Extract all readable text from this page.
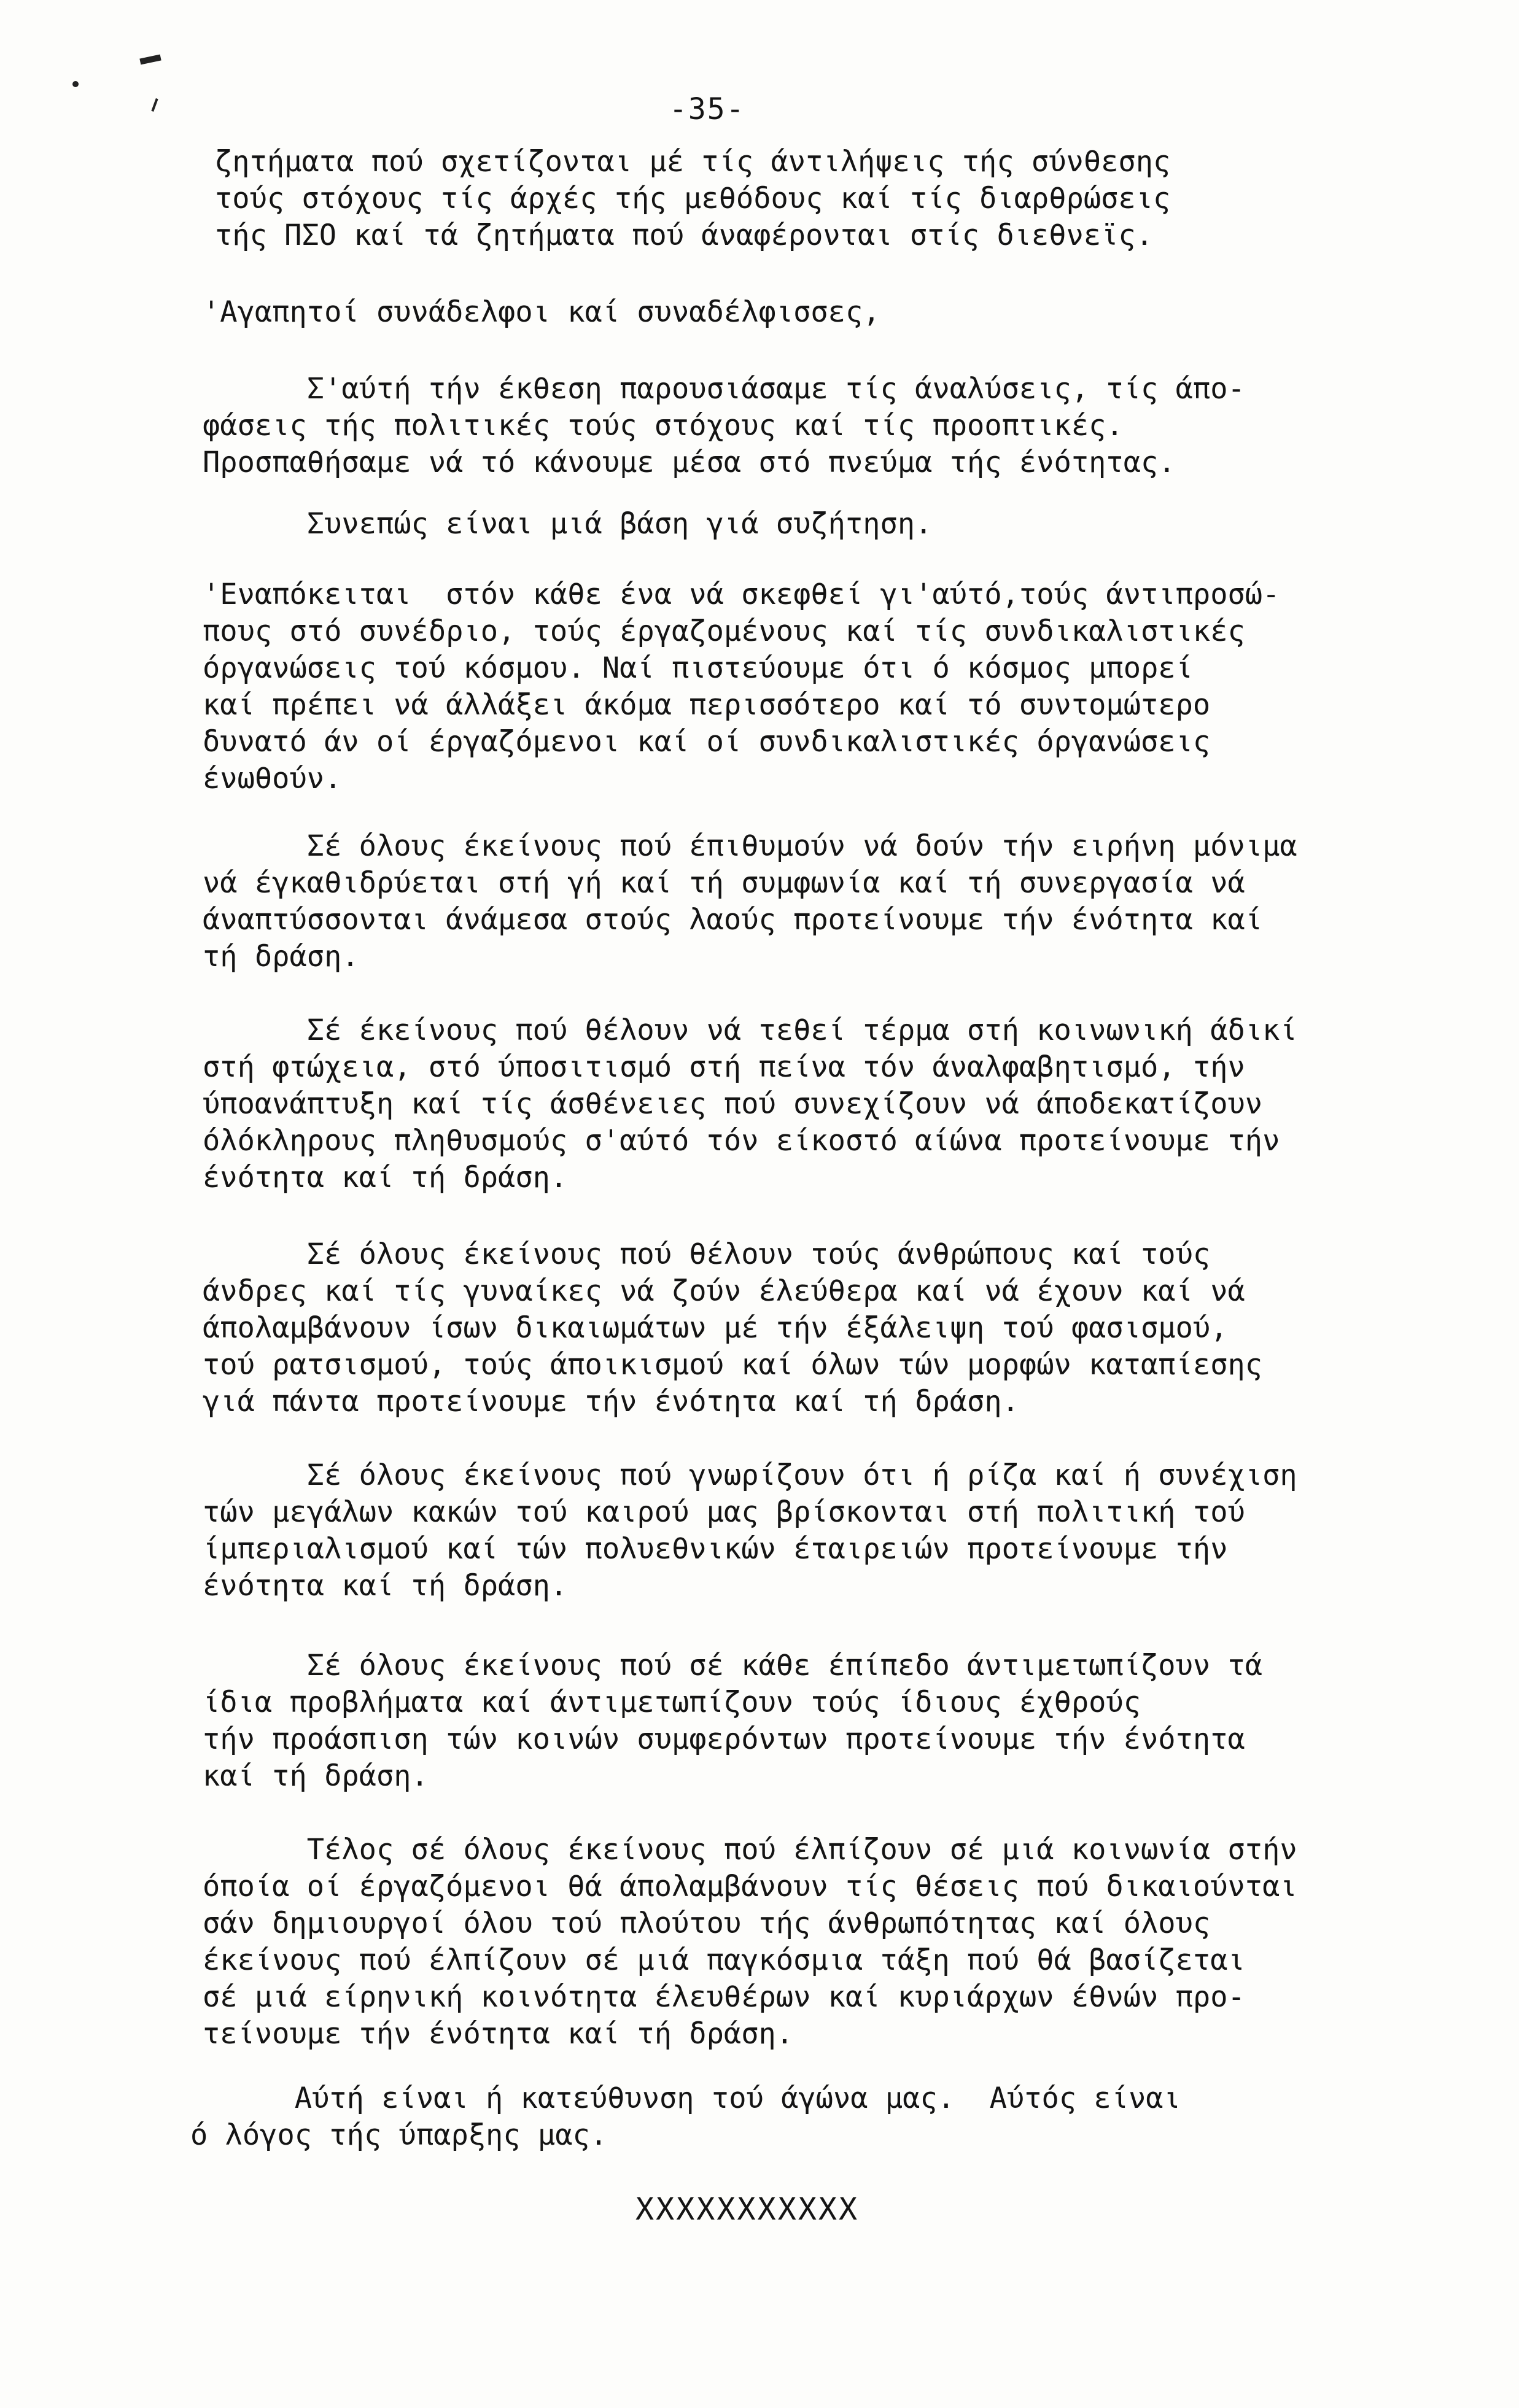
-35-
ζητήματα πού σχετίζονται μέ τίς άντιλήψεις τής σύνθεσης
τούς στόχους τίς άρχές τής μεθόδους καί τίς διαρθρώσεις
τής ΠΣΟ καί τά ζητήματα πού άναφέρονται στίς διεθνεϊς.
'Αγαπητοί συνάδελφοι καί συναδέλφισσες,
Σ'αύτή τήν έκθεση παρουσιάσαμε τίς άναλύσεις, τίς άπο-
φάσεις τής πολιτικές τούς στόχους καί τίς προοπτικές.
Προσπαθήσαμε νά τό κάνουμε μέσα στό πνεύμα τής ένότητας.
Συνεπώς είναι μιά βάση γιά συζήτηση.
'Εναπόκειται  στόν κάθε ένα νά σκεφθεί γι'αύτό,τούς άντιπροσώ-
πους στό συνέδριο, τούς έργαζομένους καί τίς συνδικαλιστικές
όργανώσεις τού κόσμου. Ναί πιστεύουμε ότι ό κόσμος μπορεί
καί πρέπει νά άλλάξει άκόμα περισσότερο καί τό συντομώτερο
δυνατό άν οί έργαζόμενοι καί οί συνδικαλιστικές όργανώσεις
ένωθούν.
Σέ όλους έκείνους πού έπιθυμούν νά δούν τήν ειρήνη μόνιμα
νά έγκαθιδρύεται στή γή καί τή συμφωνία καί τή συνεργασία νά
άναπτύσσονται άνάμεσα στούς λαούς προτείνουμε τήν ένότητα καί
τή δράση.
Σέ έκείνους πού θέλουν νά τεθεί τέρμα στή κοινωνική άδικί
στή φτώχεια, στό ύποσιτισμό στή πείνα τόν άναλφαβητισμό, τήν
ύποανάπτυξη καί τίς άσθένειες πού συνεχίζουν νά άποδεκατίζουν
όλόκληρους πληθυσμούς σ'αύτό τόν είκοστό αίώνα προτείνουμε τήν
ένότητα καί τή δράση.
Σέ όλους έκείνους πού θέλουν τούς άνθρώπους καί τούς
άνδρες καί τίς γυναίκες νά ζούν έλεύθερα καί νά έχουν καί νά
άπολαμβάνουν ίσων δικαιωμάτων μέ τήν έξάλειψη τού φασισμού,
τού ρατσισμού, τούς άποικισμού καί όλων τών μορφών καταπίεσης
γιά πάντα προτείνουμε τήν ένότητα καί τή δράση.
Σέ όλους έκείνους πού γνωρίζουν ότι ή ρίζα καί ή συνέχιση
τών μεγάλων κακών τού καιρού μας βρίσκονται στή πολιτική τού
ίμπεριαλισμού καί τών πολυεθνικών έταιρειών προτείνουμε τήν
ένότητα καί τή δράση.
Σέ όλους έκείνους πού σέ κάθε έπίπεδο άντιμετωπίζουν τά
ίδια προβλήματα καί άντιμετωπίζουν τούς ίδιους έχθρούς
τήν προάσπιση τών κοινών συμφερόντων προτείνουμε τήν ένότητα
καί τή δράση.
Τέλος σέ όλους έκείνους πού έλπίζουν σέ μιά κοινωνία στήν
όποία οί έργαζόμενοι θά άπολαμβάνουν τίς θέσεις πού δικαιούνται
σάν δημιουργοί όλου τού πλούτου τής άνθρωπότητας καί όλους
έκείνους πού έλπίζουν σέ μιά παγκόσμια τάξη πού θά βασίζεται
σέ μιά είρηνική κοινότητα έλευθέρων καί κυριάρχων έθνών προ-
τείνουμε τήν ένότητα καί τή δράση.
Αύτή είναι ή κατεύθυνση τού άγώνα μας.  Αύτός είναι
ό λόγος τής ύπαρξης μας.
XXXXXXXXXXX
